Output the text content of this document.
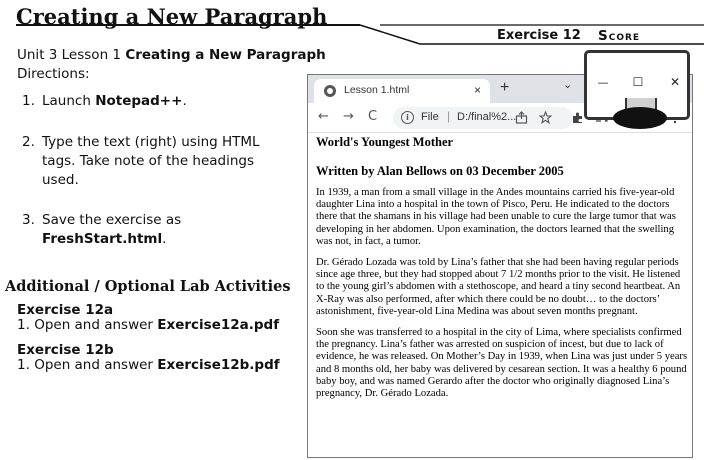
Creating a New Paragraph
Exercise 12 Score
Unit 3 Lesson 1 Creating a New Paragraph
Directions:
1. Launch Notepad++.
2. Type the text (right) using HTML tags. Take note of the headings used.
3. Save the exercise as FreshStart.html.
Additional / Optional Lab Activities
Exercise 12a
1. Open and answer Exercise12a.pdf
Exercise 12b
1. Open and answer Exercise12b.pdf
Lesson 1.html	× +	⌄
← → C	i	File | D:/final%2...
World's Youngest Mother
Written by Alan Bellows on 03 December 2005

In 1939, a man from a small village in the Andes mountains carried his five-year-old daughter Lina into a hospital in the town of Pisco, Peru. He indicated to the doctors there that the shamans in his village had been unable to cure the large tumor that was developing in her abdomen. Upon examination, the doctors learned that the swelling was not, in fact, a tumor.

Dr. Gérado Lozada was told by Lina’s father that she had been having regular periods since age three, but they had stopped about 7 1/2 months prior to the visit. He listened to the young girl’s abdomen with a stethoscope, and heard a tiny second heartbeat. An X-Ray was also performed, after which there could be no doubt… to the doctors’ astonishment, five-year-old Lina Medina was about seven months pregnant.

Soon she was transferred to a hospital in the city of Lima, where specialists confirmed the pregnancy. Lina’s father was arrested on suspicion of incest, but due to lack of evidence, he was released. On Mother’s Day in 1939, when Lina was just under 5 years and 8 months old, her baby was delivered by cesarean section. It was a healthy 6 pound baby boy, and was named Gerardo after the doctor who originally diagnosed Lina’s pregnancy, Dr. Gérado Lozada.

—	☐	✕
